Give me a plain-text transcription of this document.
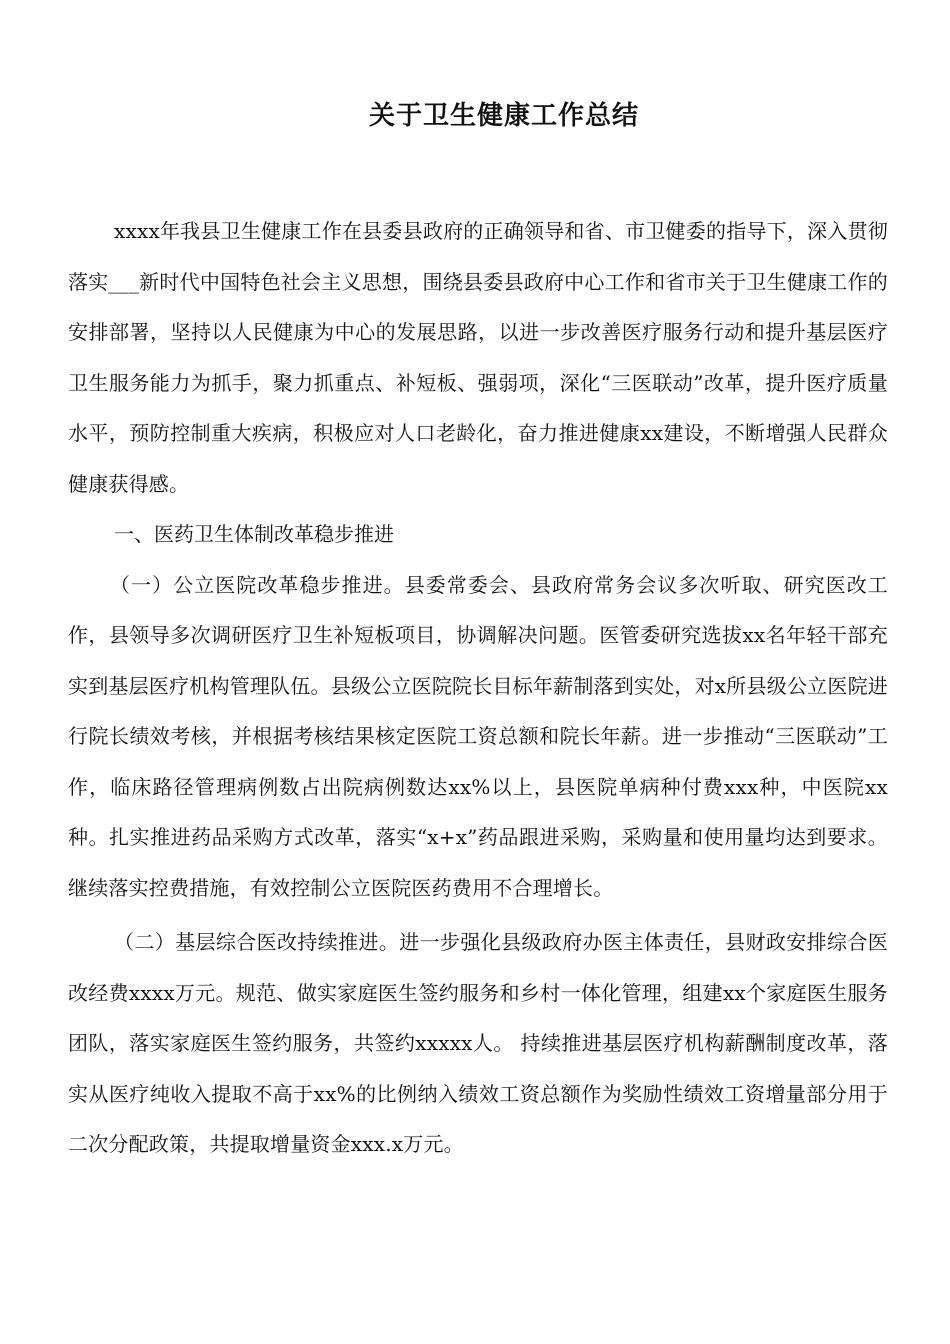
关于卫生健康工作总结

xxxx年我县卫生健康工作在县委县政府的正确领导和省、市卫健委的指导下，深入贯彻落实___新时代中国特色社会主义思想，围绕县委县政府中心工作和省市关于卫生健康工作的安排部署，坚持以人民健康为中心的发展思路，以进一步改善医疗服务行动和提升基层医疗卫生服务能力为抓手，聚力抓重点、补短板、强弱项，深化“三医联动”改革，提升医疗质量水平，预防控制重大疾病，积极应对人口老龄化，奋力推进健康xx建设，不断增强人民群众健康获得感。

一、医药卫生体制改革稳步推进

（一）公立医院改革稳步推进。县委常委会、县政府常务会议多次听取、研究医改工作，县领导多次调研医疗卫生补短板项目，协调解决问题。医管委研究选拔xx名年轻干部充实到基层医疗机构管理队伍。县级公立医院院长目标年薪制落到实处，对x所县级公立医院进行院长绩效考核，并根据考核结果核定医院工资总额和院长年薪。进一步推动“三医联动”工作，临床路径管理病例数占出院病例数达xx%以上，县医院单病种付费xxx种，中医院xx种。扎实推进药品采购方式改革，落实“x+x”药品跟进采购，采购量和使用量均达到要求。继续落实控费措施，有效控制公立医院医药费用不合理增长。

（二）基层综合医改持续推进。进一步强化县级政府办医主体责任，县财政安排综合医改经费xxxx万元。规范、做实家庭医生签约服务和乡村一体化管理，组建xx个家庭医生服务团队，落实家庭医生签约服务，共签约xxxxx人。 持续推进基层医疗机构薪酬制度改革，落实从医疗纯收入提取不高于xx%的比例纳入绩效工资总额作为奖励性绩效工资增量部分用于二次分配政策，共提取增量资金xxx.x万元。
